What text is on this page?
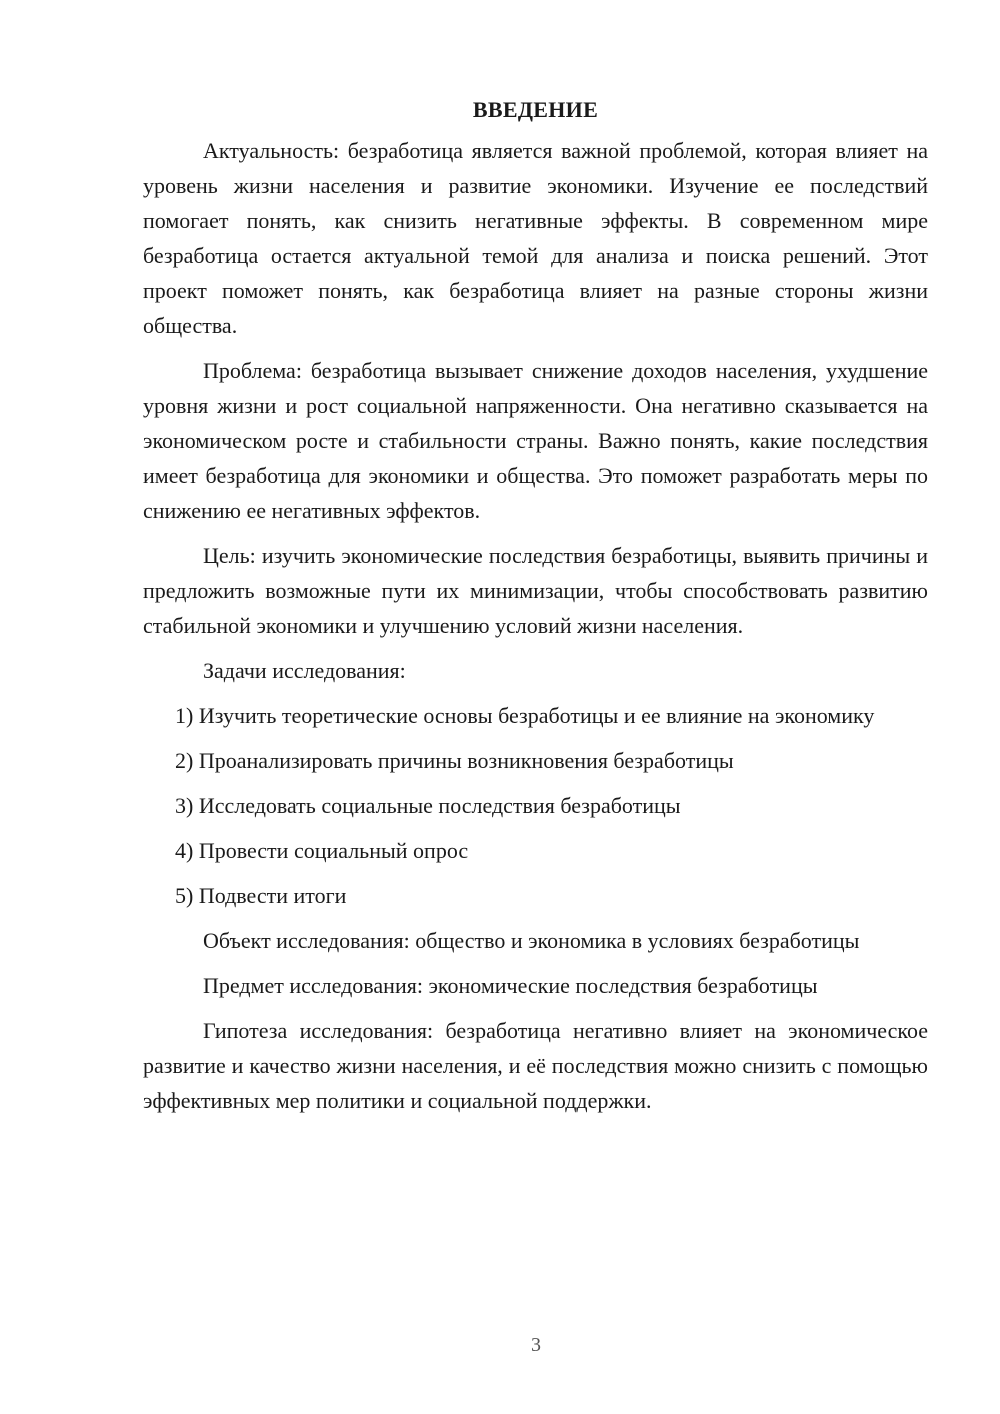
ВВЕДЕНИЕ

Актуальность: безработица является важной проблемой, которая влияет на уровень жизни населения и развитие экономики. Изучение ее последствий помогает понять, как снизить негативные эффекты. В современном мире безработица остается актуальной темой для анализа и поиска решений. Этот проект поможет понять, как безработица влияет на разные стороны жизни общества.

Проблема: безработица вызывает снижение доходов населения, ухудшение уровня жизни и рост социальной напряженности. Она негативно сказывается на экономическом росте и стабильности страны. Важно понять, какие последствия имеет безработица для экономики и общества. Это поможет разработать меры по снижению ее негативных эффектов.

Цель: изучить экономические последствия безработицы, выявить причины и предложить возможные пути их минимизации, чтобы способствовать развитию стабильной экономики и улучшению условий жизни населения.

Задачи исследования:

1) Изучить теоретические основы безработицы и ее влияние на экономику

2) Проанализировать причины возникновения безработицы

3) Исследовать социальные последствия безработицы

4) Провести социальный опрос

5) Подвести итоги

Объект исследования: общество и экономика в условиях безработицы

Предмет исследования: экономические последствия безработицы

Гипотеза исследования: безработица негативно влияет на экономическое развитие и качество жизни населения, и её последствия можно снизить с помощью эффективных мер политики и социальной поддержки.

3
